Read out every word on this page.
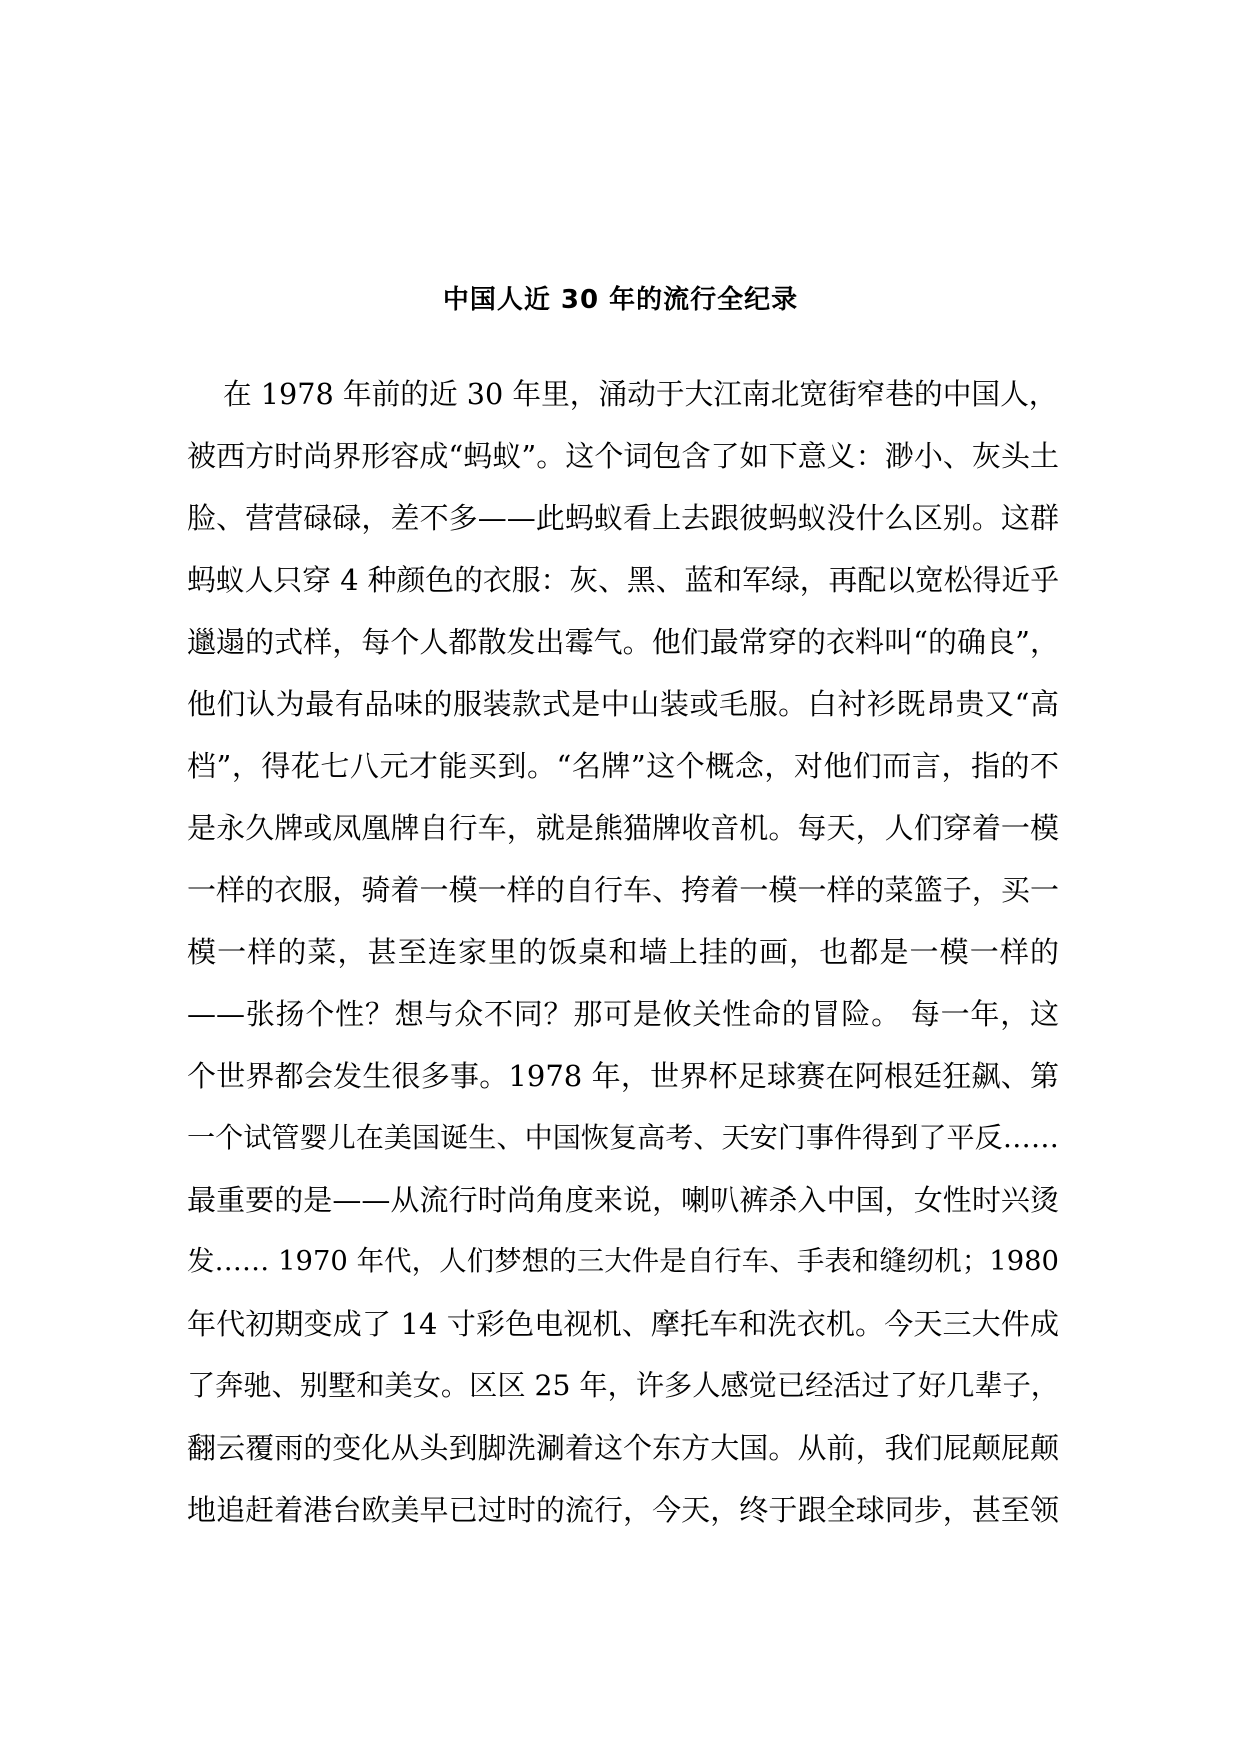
中国人近 30 年的流行全纪录
在 1978 年前的近 30 年里，涌动于大江南北宽街窄巷的中国人，
被西方时尚界形容成“蚂蚁”。这个词包含了如下意义：渺小、灰头土
脸、营营碌碌，差不多——此蚂蚁看上去跟彼蚂蚁没什么区别。这群
蚂蚁人只穿 4 种颜色的衣服：灰、黑、蓝和军绿，再配以宽松得近乎
邋遢的式样，每个人都散发出霉气。他们最常穿的衣料叫“的确良”，
他们认为最有品味的服装款式是中山装或毛服。白衬衫既昂贵又“高
档”，得花七八元才能买到。“名牌”这个概念，对他们而言，指的不
是永久牌或凤凰牌自行车，就是熊猫牌收音机。每天，人们穿着一模
一样的衣服，骑着一模一样的自行车、挎着一模一样的菜篮子，买一
模一样的菜，甚至连家里的饭桌和墙上挂的画，也都是一模一样的
——张扬个性？想与众不同？那可是攸关性命的冒险。 每一年，这
个世界都会发生很多事。1978 年，世界杯足球赛在阿根廷狂飙、第
一个试管婴儿在美国诞生、中国恢复高考、天安门事件得到了平反……
最重要的是——从流行时尚角度来说，喇叭裤杀入中国，女性时兴烫
发…… 1970 年代，人们梦想的三大件是自行车、手表和缝纫机；1980
年代初期变成了 14 寸彩色电视机、摩托车和洗衣机。今天三大件成
了奔驰、别墅和美女。区区 25 年，许多人感觉已经活过了好几辈子，
翻云覆雨的变化从头到脚洗涮着这个东方大国。从前，我们屁颠屁颠
地追赶着港台欧美早已过时的流行，今天，终于跟全球同步，甚至领
